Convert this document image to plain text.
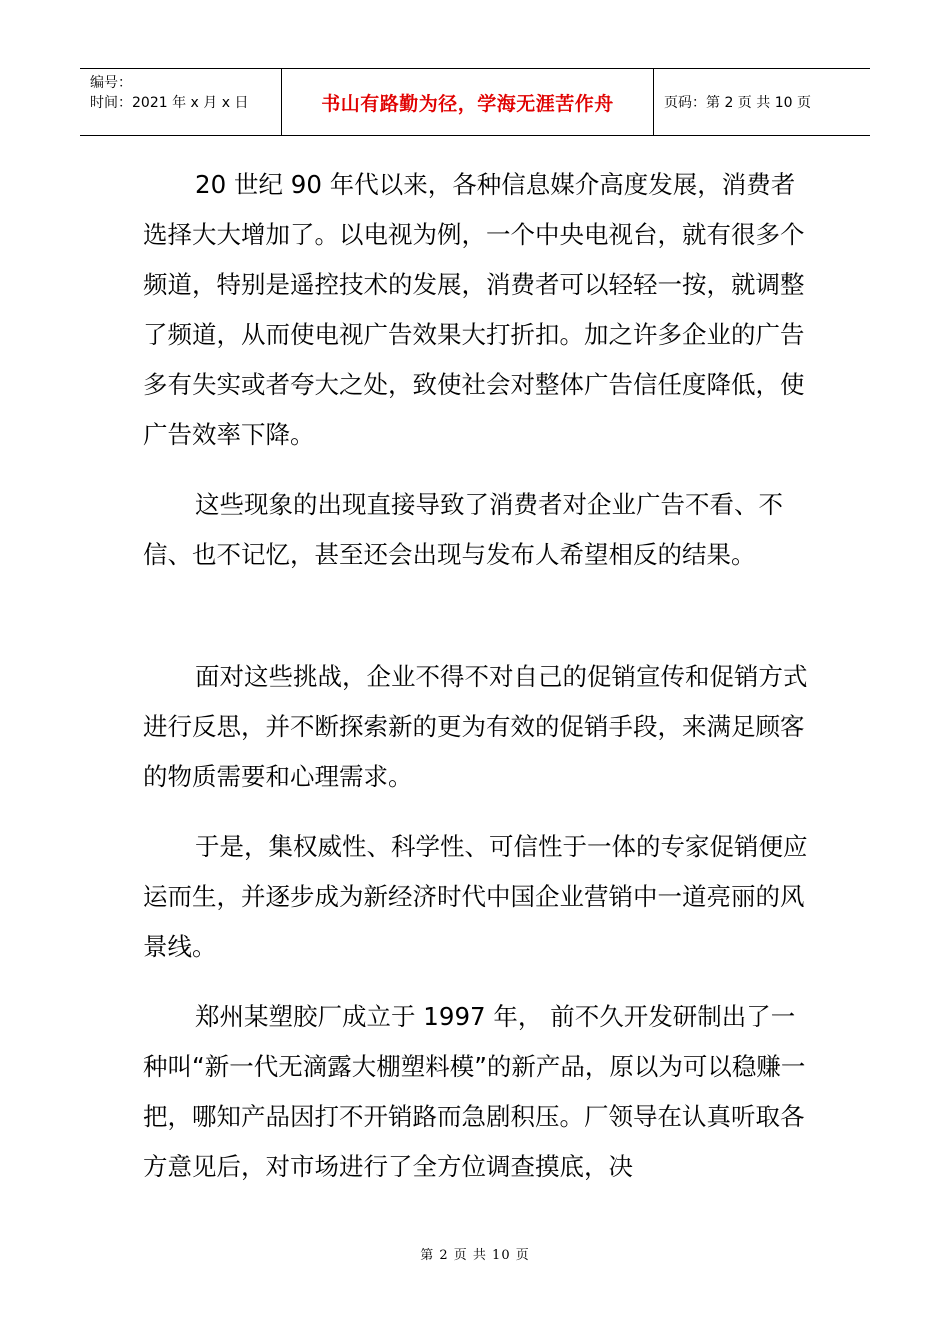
编号：
时间：2021 年 x 月 x 日	书山有路勤为径，学海无涯苦作舟	页码：第 2 页 共 10 页

20 世纪 90 年代以来，各种信息媒介高度发展，消费者选择大大增加了。以电视为例，一个中央电视台，就有很多个频道，特别是遥控技术的发展，消费者可以轻轻一按，就调整了频道，从而使电视广告效果大打折扣。加之许多企业的广告多有失实或者夸大之处，致使社会对整体广告信任度降低，使广告效率下降。

这些现象的出现直接导致了消费者对企业广告不看、不信、也不记忆，甚至还会出现与发布人希望相反的结果。

面对这些挑战，企业不得不对自己的促销宣传和促销方式进行反思，并不断探索新的更为有效的促销手段，来满足顾客的物质需要和心理需求。

于是，集权威性、科学性、可信性于一体的专家促销便应运而生，并逐步成为新经济时代中国企业营销中一道亮丽的风景线。

郑州某塑胶厂成立于 1997 年， 前不久开发研制出了一种叫“新一代无滴露大棚塑料模”的新产品，原以为可以稳赚一把，哪知产品因打不开销路而急剧积压。厂领导在认真听取各方意见后，对市场进行了全方位调查摸底，决

第 2 页 共 10 页
